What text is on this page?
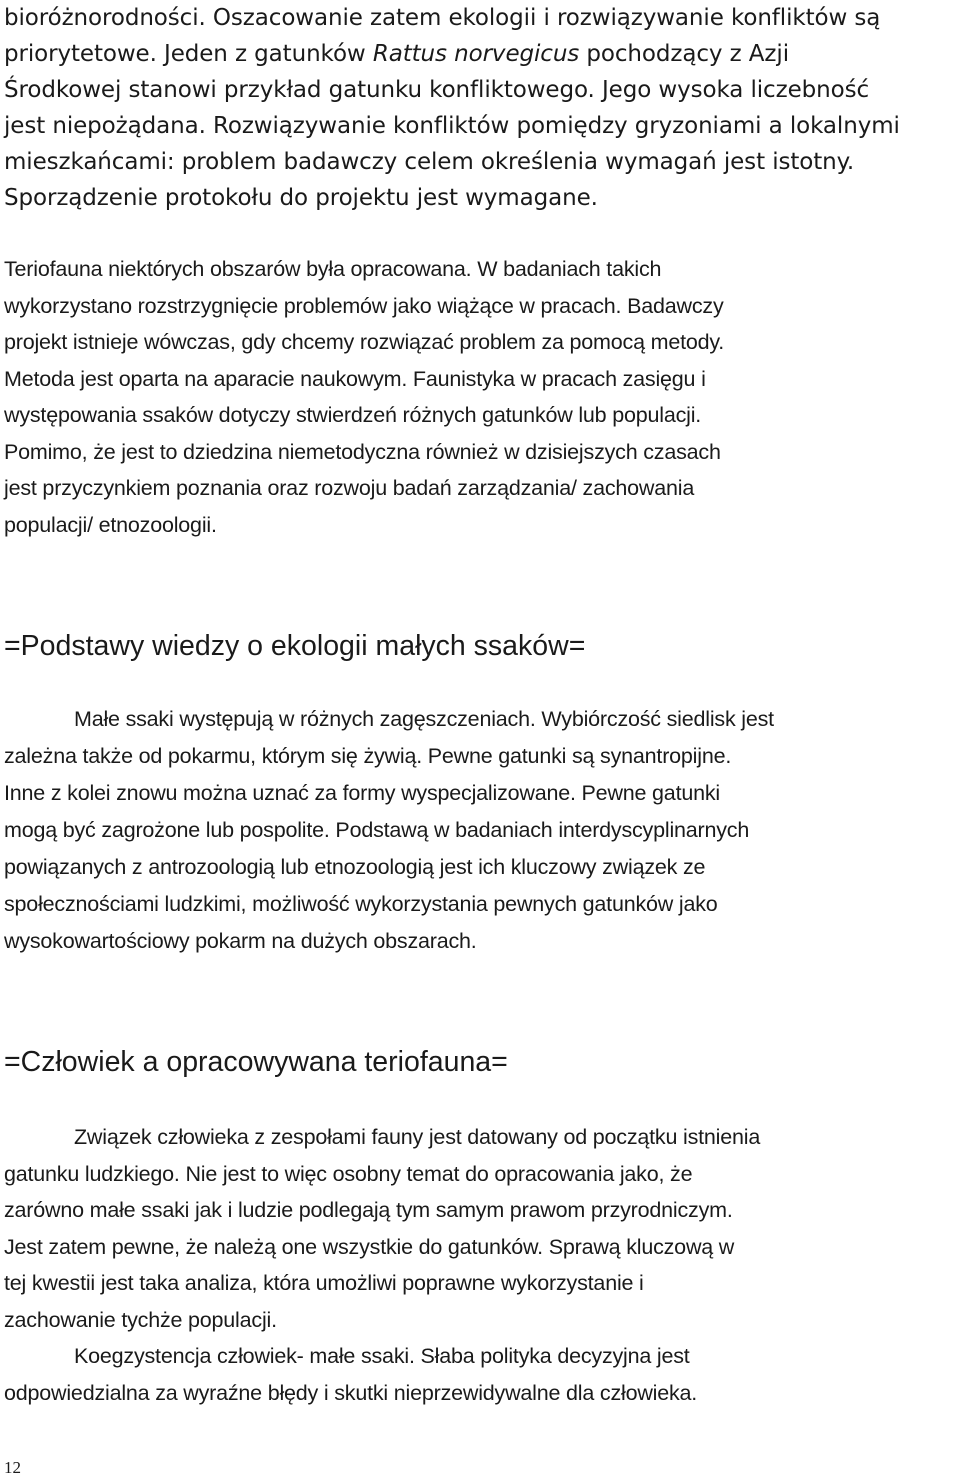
bioróżnorodności. Oszacowanie zatem ekologii i rozwiązywanie konfliktów są
priorytetowe. Jeden z gatunków Rattus norvegicus pochodzący z Azji
Środkowej stanowi przykład gatunku konfliktowego. Jego wysoka liczebność
jest niepożądana. Rozwiązywanie konfliktów pomiędzy gryzoniami a lokalnymi
mieszkańcami: problem badawczy celem określenia wymagań jest istotny.
Sporządzenie protokołu do projektu jest wymagane.

Teriofauna niektórych obszarów była opracowana. W badaniach takich
wykorzystano rozstrzygnięcie problemów jako wiążące w pracach. Badawczy
projekt istnieje wówczas, gdy chcemy rozwiązać problem za pomocą metody.
Metoda jest oparta na aparacie naukowym. Faunistyka w pracach zasięgu i
występowania ssaków dotyczy stwierdzeń różnych gatunków lub populacji.
Pomimo, że jest to dziedzina niemetodyczna również w dzisiejszych czasach
jest przyczynkiem poznania oraz rozwoju badań zarządzania/ zachowania
populacji/ etnozoologii.

=Podstawy wiedzy o ekologii małych ssaków=

Małe ssaki występują w różnych zagęszczeniach. Wybiórczość siedlisk jest
zależna także od pokarmu, którym się żywią. Pewne gatunki są synantropijne.
Inne z kolei znowu można uznać za formy wyspecjalizowane. Pewne gatunki
mogą być zagrożone lub pospolite. Podstawą w badaniach interdyscyplinarnych
powiązanych z antrozoologią lub etnozoologią jest ich kluczowy związek ze
społecznościami ludzkimi, możliwość wykorzystania pewnych gatunków jako
wysokowartościowy pokarm na dużych obszarach.

=Człowiek a opracowywana teriofauna=

Związek człowieka z zespołami fauny jest datowany od początku istnienia
gatunku ludzkiego. Nie jest to więc osobny temat do opracowania jako, że
zarówno małe ssaki jak i ludzie podlegają tym samym prawom przyrodniczym.
Jest zatem pewne, że należą one wszystkie do gatunków. Sprawą kluczową w
tej kwestii jest taka analiza, która umożliwi poprawne wykorzystanie i
zachowanie tychże populacji.
Koegzystencja człowiek- małe ssaki. Słaba polityka decyzyjna jest
odpowiedzialna za wyraźne błędy i skutki nieprzewidywalne dla człowieka.

12
